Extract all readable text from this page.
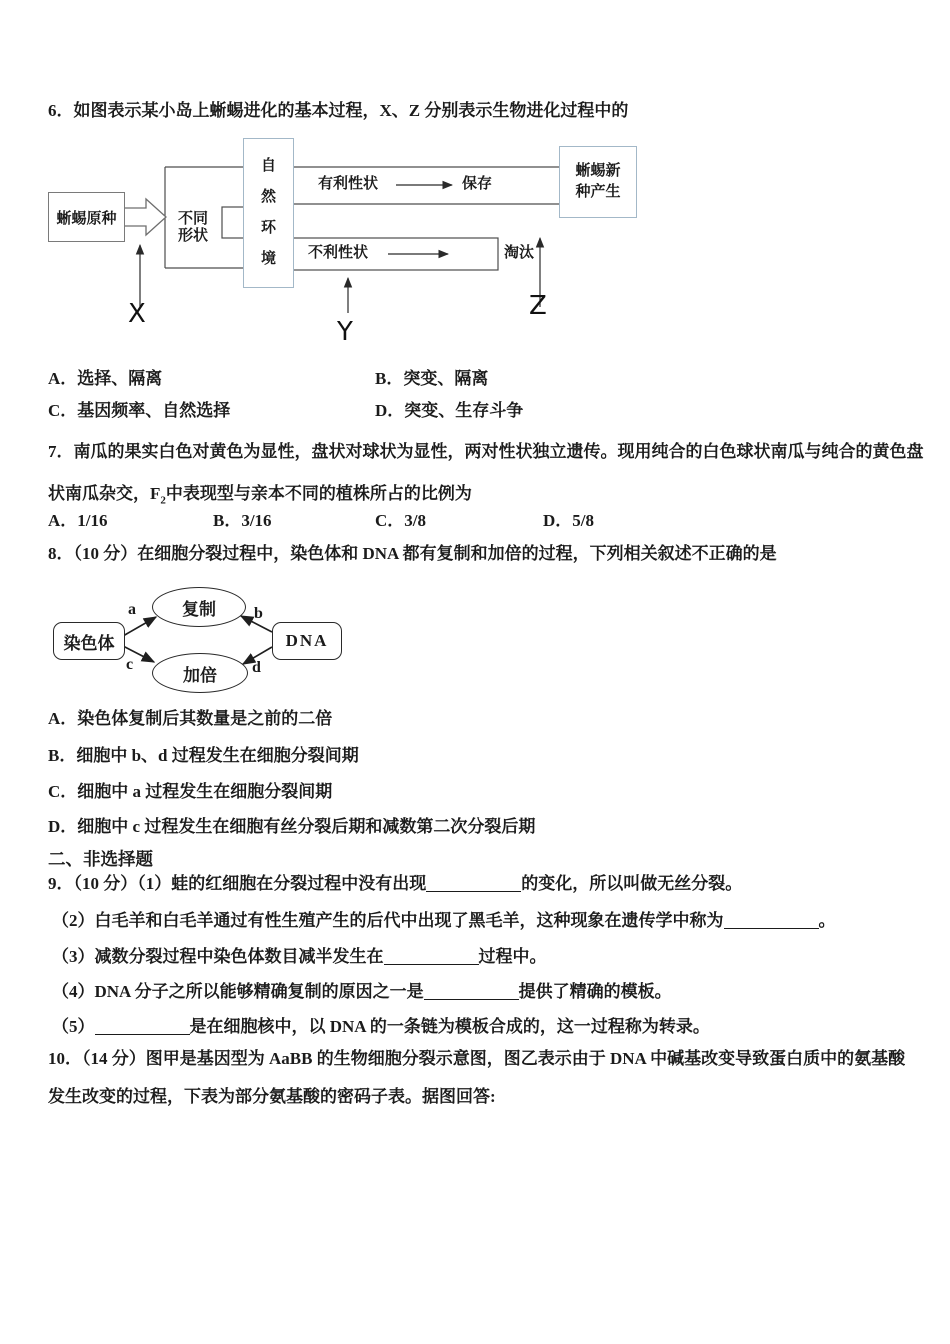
6．如图表示某小岛上蜥蜴进化的基本过程，X、Z 分别表示生物进化过程中的
蜥蜴原种	不同形状
自然环境
有利性状	保存
不利性状	淘汰
蜥蜴新种产生
X
Y
Z
A．选择、隔离	B．突变、隔离
C．基因频率、自然选择	D．突变、生存斗争
7．南瓜的果实白色对黄色为显性，盘状对球状为显性，两对性状独立遗传。现用纯合的白色球状南瓜与纯合的黄色盘
状南瓜杂交，$F_2$中表现型与亲本不同的植株所占的比例为
A．1/16	B．3/16	C．3/8	D．5/8
8．（10 分）在细胞分裂过程中，染色体和 DNA 都有复制和加倍的过程，下列相关叙述不正确的是
染色体
复制
加倍
DNA
a	b
c	d
A．染色体复制后其数量是之前的二倍
B．细胞中 b、d 过程发生在细胞分裂间期
C．细胞中 a 过程发生在细胞分裂间期
D．细胞中 c 过程发生在细胞有丝分裂后期和减数第二次分裂后期
二、非选择题
9．（10 分）（1）蛙的红细胞在分裂过程中没有出现	的变化，所以叫做无丝分裂。
（2）白毛羊和白毛羊通过有性生殖产生的后代中出现了黑毛羊，这种现象在遗传学中称为	。
（3）减数分裂过程中染色体数目减半发生在	过程中。
（4）DNA 分子之所以能够精确复制的原因之一是	提供了精确的模板。
（5）	是在细胞核中，以 DNA 的一条链为模板合成的，这一过程称为转录。
10．（14 分）图甲是基因型为 AaBB 的生物细胞分裂示意图，图乙表示由于 DNA 中碱基改变导致蛋白质中的氨基酸
发生改变的过程，下表为部分氨基酸的密码子表。据图回答:
